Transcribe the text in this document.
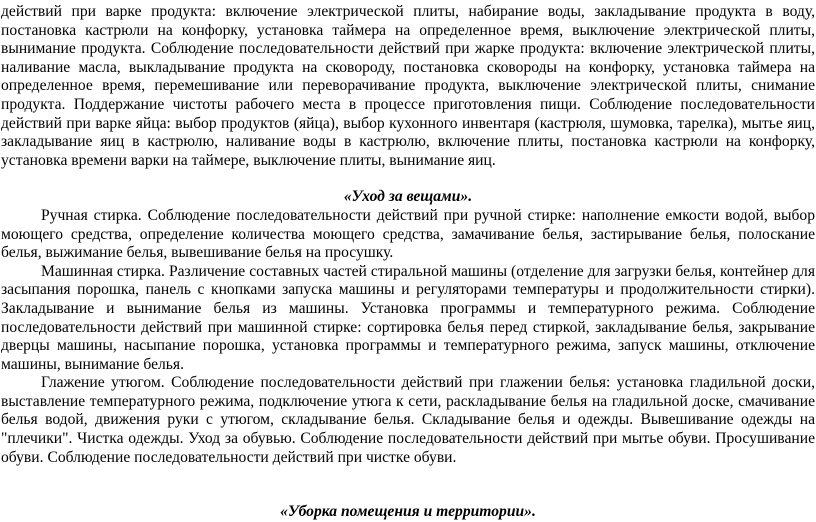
действий при варке продукта: включение электрической плиты, набирание воды, закладывание продукта в воду, постановка кастрюли на конфорку, установка таймера на определенное время, выключение электрической плиты, вынимание продукта. Соблюдение последовательности действий при жарке продукта: включение электрической плиты, наливание масла, выкладывание продукта на сковороду, постановка сковороды на конфорку, установка таймера на определенное время, перемешивание или переворачивание продукта, выключение электрической плиты, снимание продукта. Поддержание чистоты рабочего места в процессе приготовления пищи. Соблюдение последовательности действий при варке яйца: выбор продуктов (яйца), выбор кухонного инвентаря (кастрюля, шумовка, тарелка), мытье яиц, закладывание яиц в кастрюлю, наливание воды в кастрюлю, включение плиты, постановка кастрюли на конфорку, установка времени варки на таймере, выключение плиты, вынимание яиц.

«Уход за вещами».

Ручная стирка. Соблюдение последовательности действий при ручной стирке: наполнение емкости водой, выбор моющего средства, определение количества моющего средства, замачивание белья, застирывание белья, полоскание белья, выжимание белья, вывешивание белья на просушку.

Машинная стирка. Различение составных частей стиральной машины (отделение для загрузки белья, контейнер для засыпания порошка, панель с кнопками запуска машины и регуляторами температуры и продолжительности стирки). Закладывание и вынимание белья из машины. Установка программы и температурного режима. Соблюдение последовательности действий при машинной стирке: сортировка белья перед стиркой, закладывание белья, закрывание дверцы машины, насыпание порошка, установка программы и температурного режима, запуск машины, отключение машины, вынимание белья.

Глажение утюгом. Соблюдение последовательности действий при глажении белья: установка гладильной доски, выставление температурного режима, подключение утюга к сети, раскладывание белья на гладильной доске, смачивание белья водой, движения руки с утюгом, складывание белья. Складывание белья и одежды. Вывешивание одежды на "плечики". Чистка одежды. Уход за обувью. Соблюдение последовательности действий при мытье обуви. Просушивание обуви. Соблюдение последовательности действий при чистке обуви.

«Уборка помещения и территории».
